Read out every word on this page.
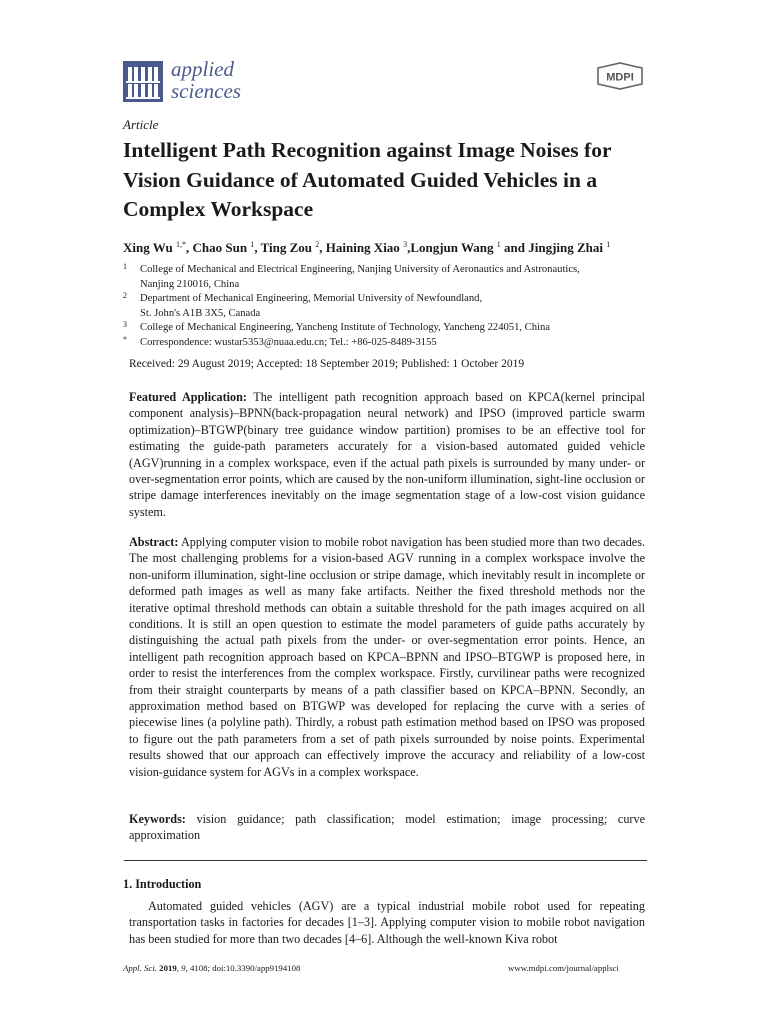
applied
sciences
MDPI
Article
Intelligent Path Recognition against Image Noises for Vision Guidance of Automated Guided Vehicles in a Complex Workspace
Xing Wu $^{1,*}$, Chao Sun $^1$, Ting Zou $^2$, Haining Xiao $^3$,Longjun Wang $^1$ and Jingjing Zhai $^1$
1 College of Mechanical and Electrical Engineering, Nanjing University of Aeronautics and Astronautics,
Nanjing 210016, China
2 Department of Mechanical Engineering, Memorial University of Newfoundland,
St. John's A1B 3X5, Canada
3 College of Mechanical Engineering, Yancheng Institute of Technology, Yancheng 224051, China
* Correspondence: wustar5353@nuaa.edu.cn; Tel.: +86-025-8489-3155
Received: 29 August 2019; Accepted: 18 September 2019; Published: 1 October 2019
Featured Application: The intelligent path recognition approach based on KPCA(kernel principal component analysis)–BPNN(back-propagation neural network) and IPSO (improved particle swarm optimization)–BTGWP(binary tree guidance window partition) promises to be an effective tool for estimating the guide-path parameters accurately for a vision-based automated guided vehicle (AGV)running in a complex workspace, even if the actual path pixels is surrounded by many under- or over-segmentation error points, which are caused by the non-uniform illumination, sight-line occlusion or stripe damage interferences inevitably on the image segmentation stage of a low-cost vision guidance system.
Abstract: Applying computer vision to mobile robot navigation has been studied more than two decades. The most challenging problems for a vision-based AGV running in a complex workspace involve the non-uniform illumination, sight-line occlusion or stripe damage, which inevitably result in incomplete or deformed path images as well as many fake artifacts. Neither the fixed threshold methods nor the iterative optimal threshold methods can obtain a suitable threshold for the path images acquired on all conditions. It is still an open question to estimate the model parameters of guide paths accurately by distinguishing the actual path pixels from the under- or over-segmentation error points. Hence, an intelligent path recognition approach based on KPCA–BPNN and IPSO–BTGWP is proposed here, in order to resist the interferences from the complex workspace. Firstly, curvilinear paths were recognized from their straight counterparts by means of a path classifier based on KPCA–BPNN. Secondly, an approximation method based on BTGWP was developed for replacing the curve with a series of piecewise lines (a polyline path). Thirdly, a robust path estimation method based on IPSO was proposed to figure out the path parameters from a set of path pixels surrounded by noise points. Experimental results showed that our approach can effectively improve the accuracy and reliability of a low-cost vision-guidance system for AGVs in a complex workspace.
Keywords: vision guidance; path classification; model estimation; image processing; curve approximation
1. Introduction
Automated guided vehicles (AGV) are a typical industrial mobile robot used for repeating transportation tasks in factories for decades [1–3]. Applying computer vision to mobile robot navigation has been studied for more than two decades [4–6]. Although the well-known Kiva robot
Appl. Sci. 2019, 9, 4108; doi:10.3390/app9194108	www.mdpi.com/journal/applsci
